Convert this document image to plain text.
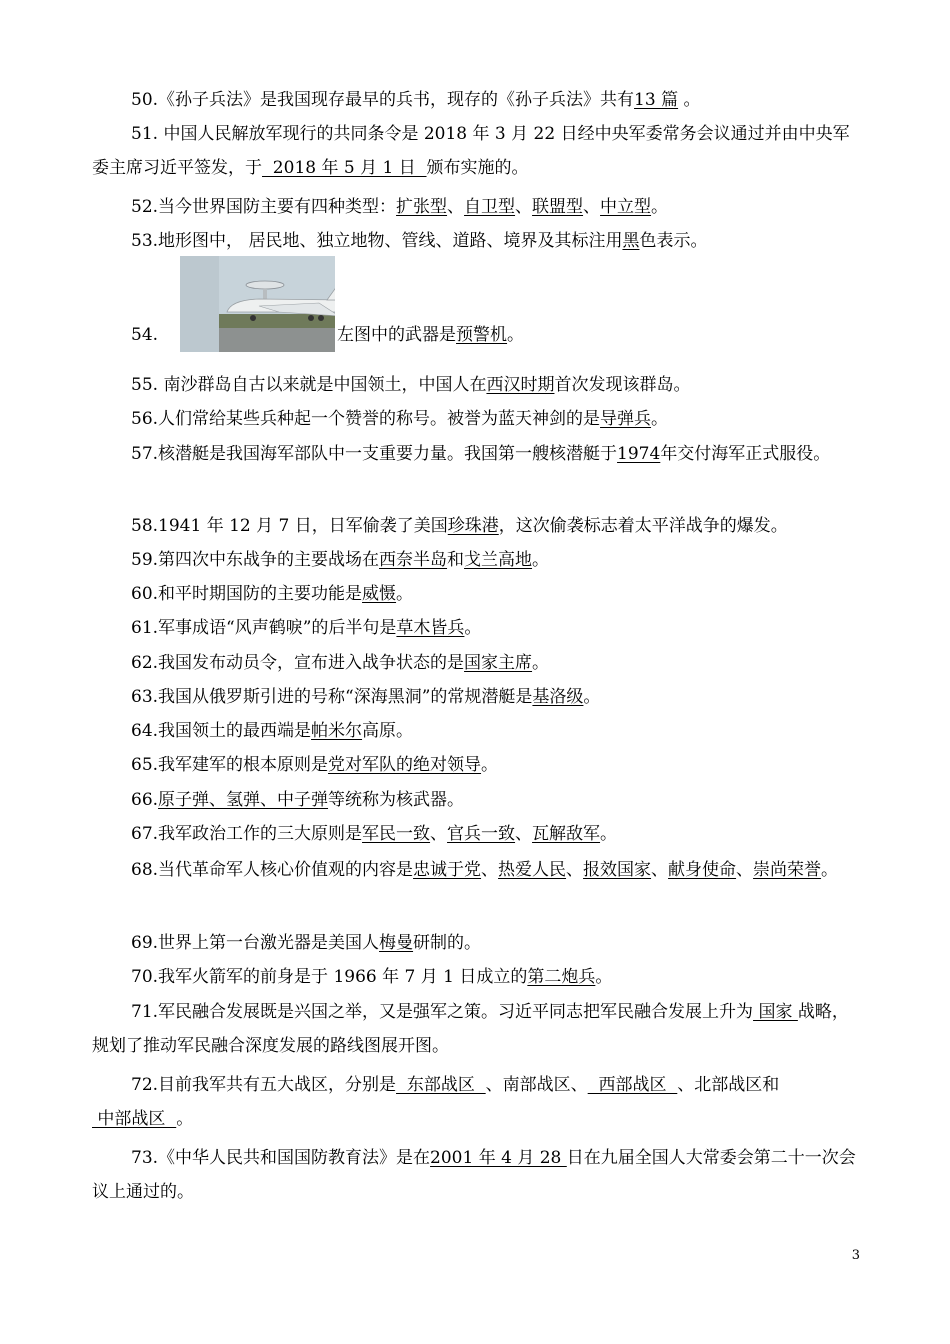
50.《孙子兵法》是我国现存最早的兵书，现存的《孙子兵法》共有13 篇 。
51. 中国人民解放军现行的共同条令是 2018 年 3 月 22 日经中央军委常务会议通过并由中央军委主席习近平签发，于  2018 年 5 月 1 日  颁布实施的。
52.当今世界国防主要有四种类型：扩张型、自卫型、联盟型、中立型。
53.地形图中， 居民地、独立地物、管线、道路、境界及其标注用黑色表示。
54.	左图中的武器是预警机。
55. 南沙群岛自古以来就是中国领土，中国人在西汉时期首次发现该群岛。
56.人们常给某些兵种起一个赞誉的称号。被誉为蓝天神剑的是导弹兵。
57.核潜艇是我国海军部队中一支重要力量。我国第一艘核潜艇于1974年交付海军正式服役。
58.1941 年 12 月 7 日，日军偷袭了美国珍珠港，这次偷袭标志着太平洋战争的爆发。
59.第四次中东战争的主要战场在西奈半岛和戈兰高地。
60.和平时期国防的主要功能是威慑。
61.军事成语“风声鹤唳”的后半句是草木皆兵。
62.我国发布动员令，宣布进入战争状态的是国家主席。
63.我国从俄罗斯引进的号称“深海黑洞”的常规潜艇是基洛级。
64.我国领土的最西端是帕米尔高原。
65.我军建军的根本原则是党对军队的绝对领导。
66.原子弹、氢弹、中子弹等统称为核武器。
67.我军政治工作的三大原则是军民一致、官兵一致、瓦解敌军。
68.当代革命军人核心价值观的内容是忠诚于党、热爱人民、报效国家、献身使命、崇尚荣誉。
69.世界上第一台激光器是美国人梅曼研制的。
70.我军火箭军的前身是于 1966 年 7 月 1 日成立的第二炮兵。
71.军民融合发展既是兴国之举，又是强军之策。习近平同志把军民融合发展上升为 国家 战略，规划了推动军民融合深度发展的路线图展开图。
72.目前我军共有五大战区，分别是  东部战区  、南部战区、  西部战区  、北部战区和 中部战区  。
73.《中华人民共和国国防教育法》是在2001 年 4 月 28 日在九届全国人大常委会第二十一次会议上通过的。
3
